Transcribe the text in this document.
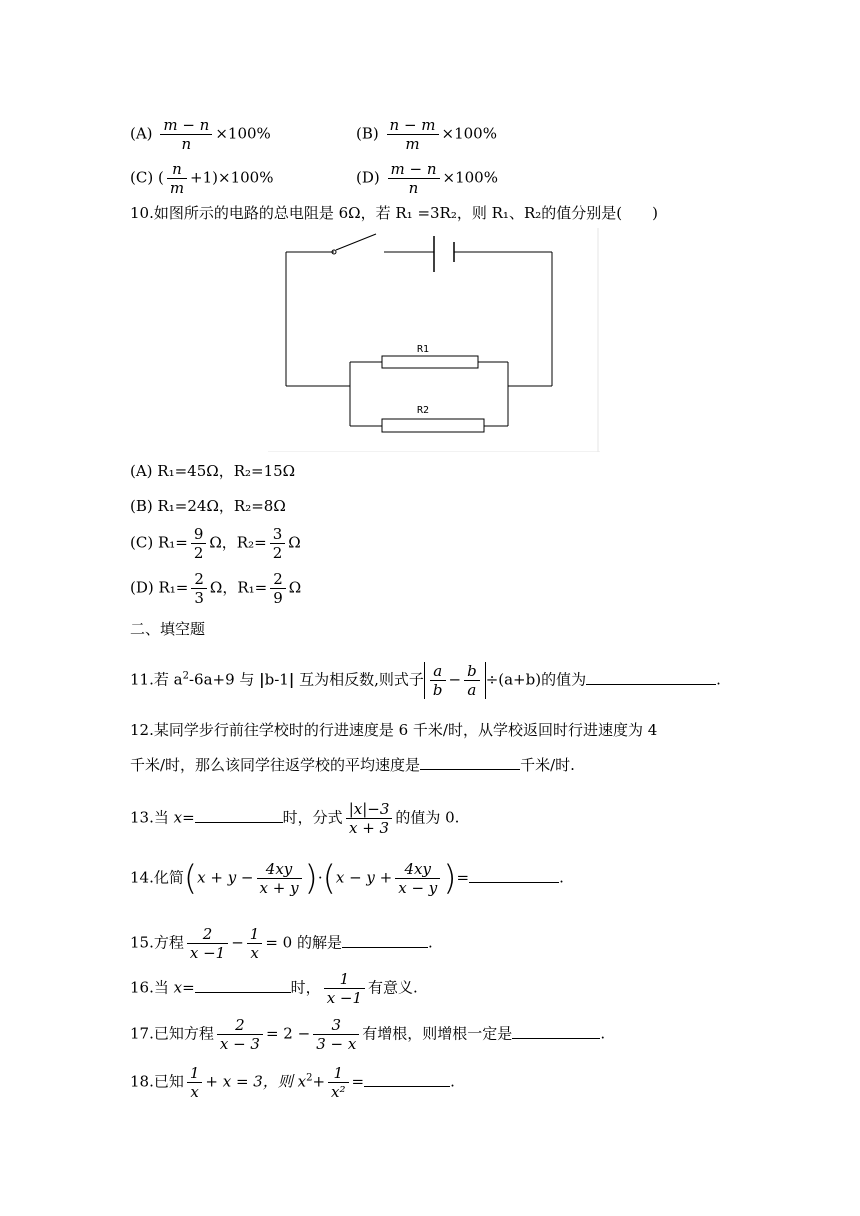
$(A) \frac{m - n}{n} \times 100\%$	$(B) \frac{n - m}{m} \times 100\%$
(C) ( $\frac{n}{m} +1)\times 100\%$	$(D) \frac{m - n}{n} \times 100\%$
10.如图所示的电路的总电阻是 6Ω，若 R₁ =3R₂，则 R₁、R₂的值分别是(　　)
R1
R2
(A) R₁=45Ω，R₂=15Ω
(B) R₁=24Ω，R₂=8Ω
(C) $R_1= \frac{9}{2}$ Ω，$R_2= \frac{3}{2}$ Ω
(D) $R_1= \frac{2}{3}$ Ω，$R_1= \frac{2}{9}$ Ω
二、填空题
11.若 $a^2-6a+9$ 与 |b-1| 互为相反数,则式子 $\frac{a}{b} - \frac{b}{a} \div(a+b)$的值为	.
12.某同学步行前往学校时的行进速度是 6 千米/时，从学校返回时行进速度为 4
千米/时，那么该同学往返学校的平均速度是	千米/时.
13.当 x=	时，分式 $\frac{|x|-3}{x + 3}$ 的值为 0.
14.化简$(x + y - \frac{4xy}{x + y} )\cdot(x - y + \frac{4xy}{x - y}$ )=	.
15.方程 $\frac{2}{x -1} - \frac{1}{x} = 0$ 的解是	.
16.当 x=	时， $\frac{1}{x -1}$ 有意义.
17.已知方程 $\frac{2}{x - 3} = 2 - \frac{3}{3 - x}$ 有增根，则增根一定是	.
18.已知 $\frac{1}{x} + x = 3$，则 $x^2+ \frac{1}{\text{x²}}$ =	.
